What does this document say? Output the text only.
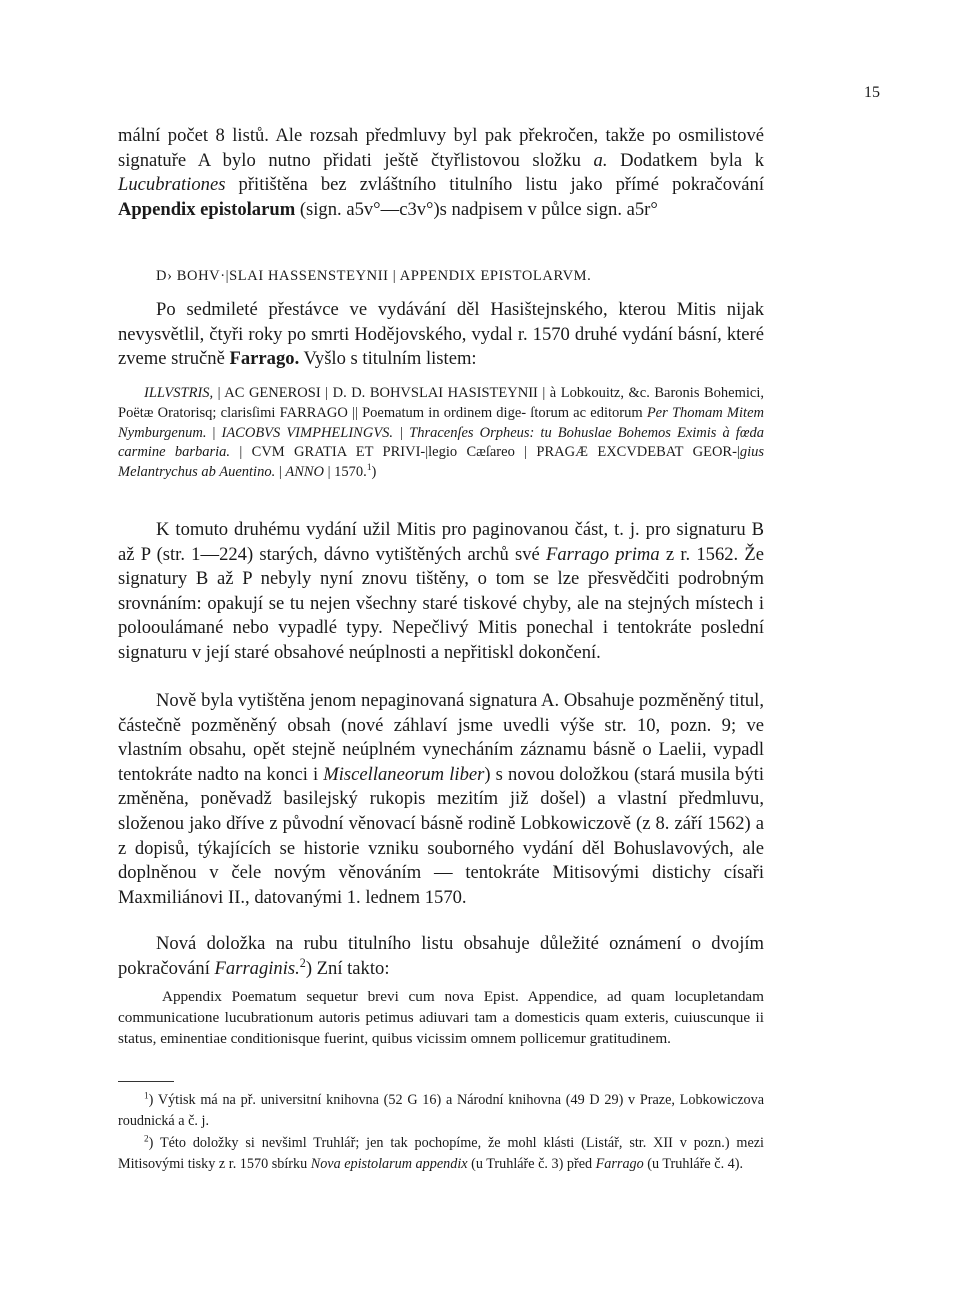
15

mální počet 8 listů. Ale rozsah předmluvy byl pak překročen, takže po osmilistové signatuře A bylo nutno přidati ještě čtyřlistovou složku a. Dodatkem byla k Lucubrationes přitištěna bez zvláštního titulního listu jako přímé pokračování Appendix epistolarum (sign. a5v°—c3v°)s nadpisem v půlce sign. a5r°

D› BOHV·|SLAI HASSENSTEYNII | APPENDIX EPISTOLARVM.

Po sedmileté přestávce ve vydávání děl Hasištejnského, kterou Mitis nijak nevysvětlil, čtyři roky po smrti Hodějovského, vydal r. 1570 druhé vydání básní, které zveme stručně Farrago. Vyšlo s titulním listem:

ILLVSTRIS, | AC GENEROSI | D. D. BOHVSLAI HASISTEYNII | à Lobkouitz, &c. Baronis Bohemici, Poëtæ Oratorisq; clarisſimi FARRAGO || Poematum in ordinem dige- ſtorum ac editorum Per Thomam Mitem Nymburgenum. | IACOBVS VIMPHELINGVS. | Thracenſes Orpheus: tu Bohuslae Bohemos Eximis à fœda carmine barbaria. | CVM GRATIA ET PRIVI-|legio Cæſareo | PRAGÆ EXCVDEBAT GEOR-|gius Melantrychus ab Auentino. | ANNO | 1570.$^1$)

K tomuto druhému vydání užil Mitis pro paginovanou část, t. j. pro signaturu B až P (str. 1—224) starých, dávno vytištěných archů své Farrago prima z r. 1562. Že signatury B až P nebyly nyní znovu tištěny, o tom se lze přesvědčiti podrobným srovnáním: opakují se tu nejen všechny staré tiskové chyby, ale na stejných místech i polooulámané nebo vypadlé typy. Nepečlivý Mitis ponechal i tentokráte poslední signaturu v její staré obsahové neúplnosti a nepřitiskl dokončení.

Nově byla vytištěna jenom nepaginovaná signatura A. Obsahuje pozměněný titul, částečně pozměněný obsah (nové záhlaví jsme uvedli výše str. 10, pozn. 9; ve vlastním obsahu, opět stejně neúplném vynecháním záznamu básně o Laelii, vypadl tentokráte nadto na konci i Miscellaneorum liber) s novou doložkou (stará musila býti změněna, poněvadž basilejský rukopis mezitím již došel) a vlastní předmluvu, složenou jako dříve z původní věnovací básně rodině Lobkowiczově (z 8. září 1562) a z dopisů, týkajících se historie vzniku souborného vydání děl Bohuslavových, ale doplněnou v čele novým věnováním — tentokráte Mitisovými distichy císaři Maxmiliánovi II., datovanými 1. lednem 1570.

Nová doložka na rubu titulního listu obsahuje důležité oznámení o dvojím pokračování Farraginis.$^2$) Zní takto:

Appendix Poematum sequetur brevi cum nova Epist. Appendice, ad quam locupletandam communicatione lucubrationum autoris petimus adiuvari tam a domesticis quam exteris, cuiuscunque ii status, eminentiae conditionisque fuerint, quibus vicissim omnem pollicemur gratitudinem.

$^1$) Výtisk má na př. universitní knihovna (52 G 16) a Národní knihovna (49 D 29) v Praze, Lobkowiczova roudnická a č. j.

$^2$) Této doložky si nevšiml Truhlář; jen tak pochopíme, že mohl klásti (Listář, str. XII v pozn.) mezi Mitisovými tisky z r. 1570 sbírku Nova epistolarum appendix (u Truhláře č. 3) před Farrago (u Truhláře č. 4).
